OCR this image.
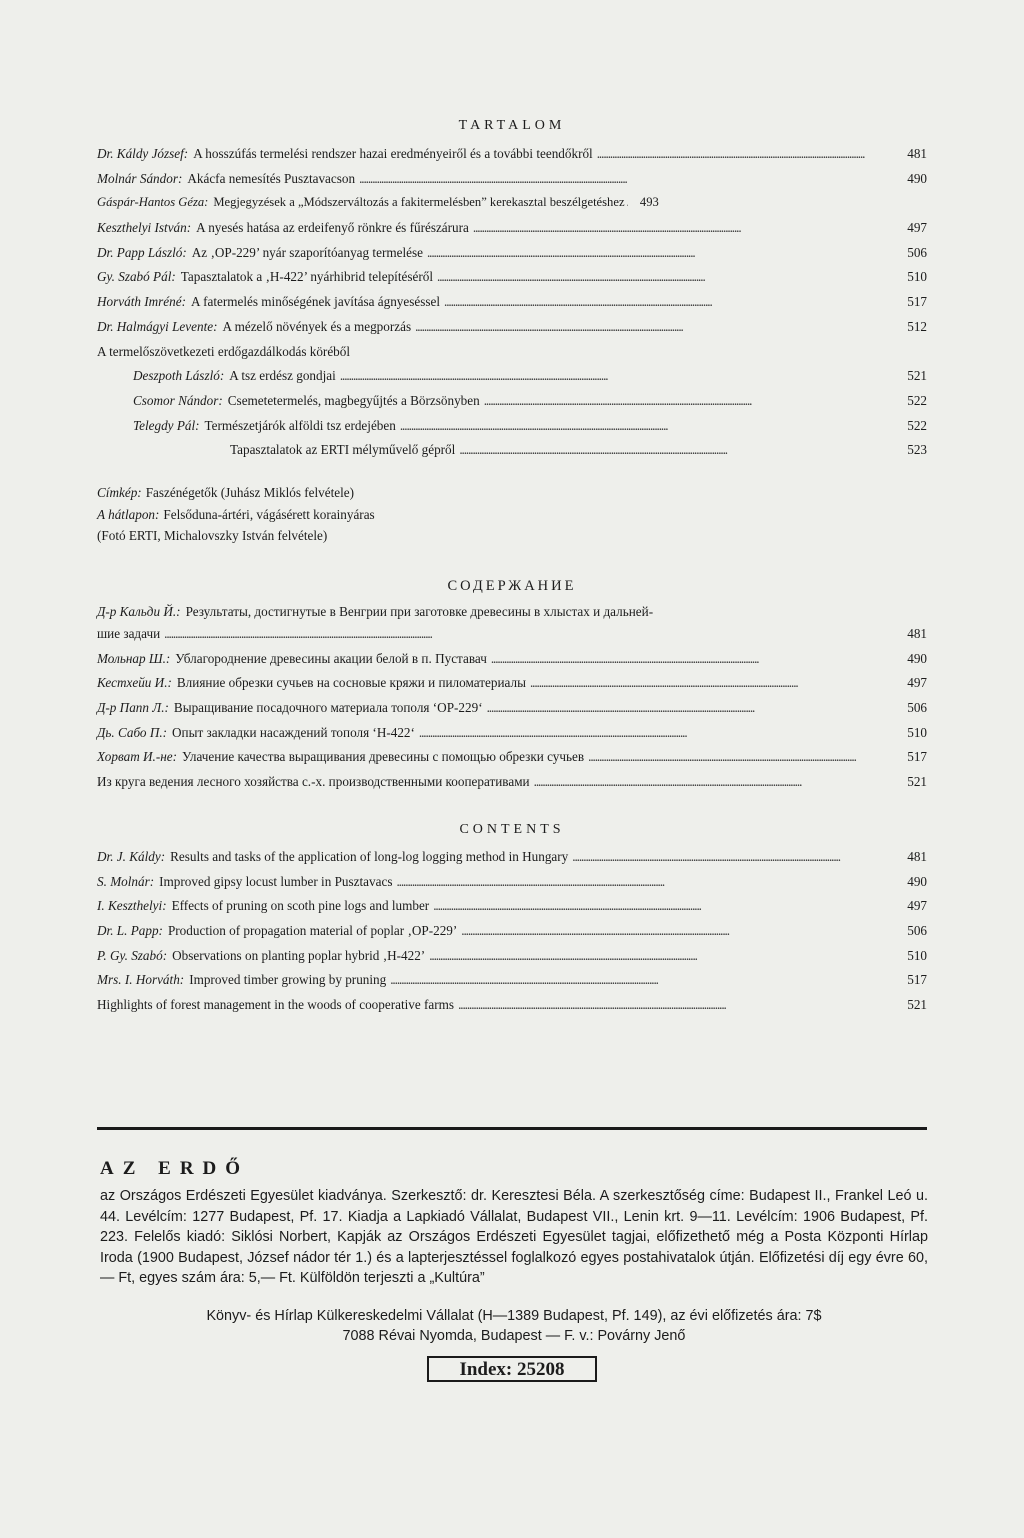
TARTALOM
Dr. Káldy József: A hosszúfás termelési rendszer hazai eredményeiről és a további teendőkről . . .	481
Molnár Sándor: Akácfa nemesítés Pusztavacson . . .	490
Gáspár-Hantos Géza: Megjegyzések a „Módszerváltozás a fakitermelésben” kerekasztal beszélgetéshez . . .	493
Keszthelyi István: A nyesés hatása az erdeifenyő rönkre és fűrészárura . . .	497
Dr. Papp László: Az ‚OP-229’ nyár szaporítóanyag termelése . . .	506
Gy. Szabó Pál: Tapasztalatok a ‚H-422’ nyárhibrid telepítéséről . . .	510
Horváth Imréné: A fatermelés minőségének javítása ágnyeséssel . . .	517
Dr. Halmágyi Levente: A mézelő növények és a megporzás . . .	512
A termelőszövetkezeti erdőgazdálkodás köréből
Deszpoth László: A tsz erdész gondjai . . .	521
Csomor Nándor: Csemetetermelés, magbegyűjtés a Börzsönyben . . .	522
Telegdy Pál: Természetjárók alföldi tsz erdejében . . .	522
Tapasztalatok az ERTI mélyművelő gépről . . .	523
Címkép: Faszénégetők (Juhász Miklós felvétele)
A hátlapon: Felsőduna-ártéri, vágásérett korainyáras
(Fotó ERTI, Michalovszky István felvétele)
СОДЕРЖАНИЕ
Д-р Кальди Й.: Результаты, достигнутые в Венгрии при заготовке древесины в хлыстах и дальней-
шие задачи . . .	481
Мольнар Ш.: Ублагороднение древесины акации белой в п. Пуставач . . .	490
Кестхейи И.: Влияние обрезки сучьев на сосновые кряжи и пиломатериалы . . .	497
Д-р Папп Л.: Выращивание посадочного материала тополя ‘ОР-229‘ . . .	506
Дь. Сабо П.: Опыт закладки насаждений тополя ‘Н-422‘ . . .	510
Хорват И.-не: Улачение качества выращивания древесины с помощью обрезки сучьев . . .	517
Из круга ведения лесного хозяйства с.-х. производственными кооперативами . . .	521
CONTENTS
Dr. J. Káldy: Results and tasks of the application of long-log logging method in Hungary . . .	481
S. Molnár: Improved gipsy locust lumber in Pusztavacs . . .	490
I. Keszthelyi: Effects of pruning on scoth pine logs and lumber . . .	497
Dr. L. Papp: Production of propagation material of poplar ‚OP-229’ . . .	506
P. Gy. Szabó: Observations on planting poplar hybrid ‚H-422’ . . .	510
Mrs. I. Horváth: Improved timber growing by pruning . . .	517
Highlights of forest management in the woods of cooperative farms . . .	521
AZ ERDŐ
az Országos Erdészeti Egyesület kiadványa. Szerkesztő: dr. Keresztesi Béla. A szerkesztőség címe: Budapest II., Frankel Leó u. 44. Levélcím: 1277 Budapest, Pf. 17. Kiadja a Lapkiadó Vállalat, Budapest VII., Lenin krt. 9—11. Levélcím: 1906 Budapest, Pf. 223. Felelős kiadó: Siklósi Norbert, Kapják az Országos Erdészeti Egyesület tagjai, előfizethető még a Posta Központi Hírlap Iroda (1900 Budapest, József nádor tér 1.) és a lapterjesztéssel foglalkozó egyes postahivatalok útján. Előfizetési díj egy évre 60,— Ft, egyes szám ára: 5,— Ft. Külföldön terjeszti a „Kultúra”
Könyv- és Hírlap Külkereskedelmi Vállalat (H—1389 Budapest, Pf. 149), az évi előfizetés ára: 7$
7088 Révai Nyomda, Budapest — F. v.: Povárny Jenő
Index: 25208
